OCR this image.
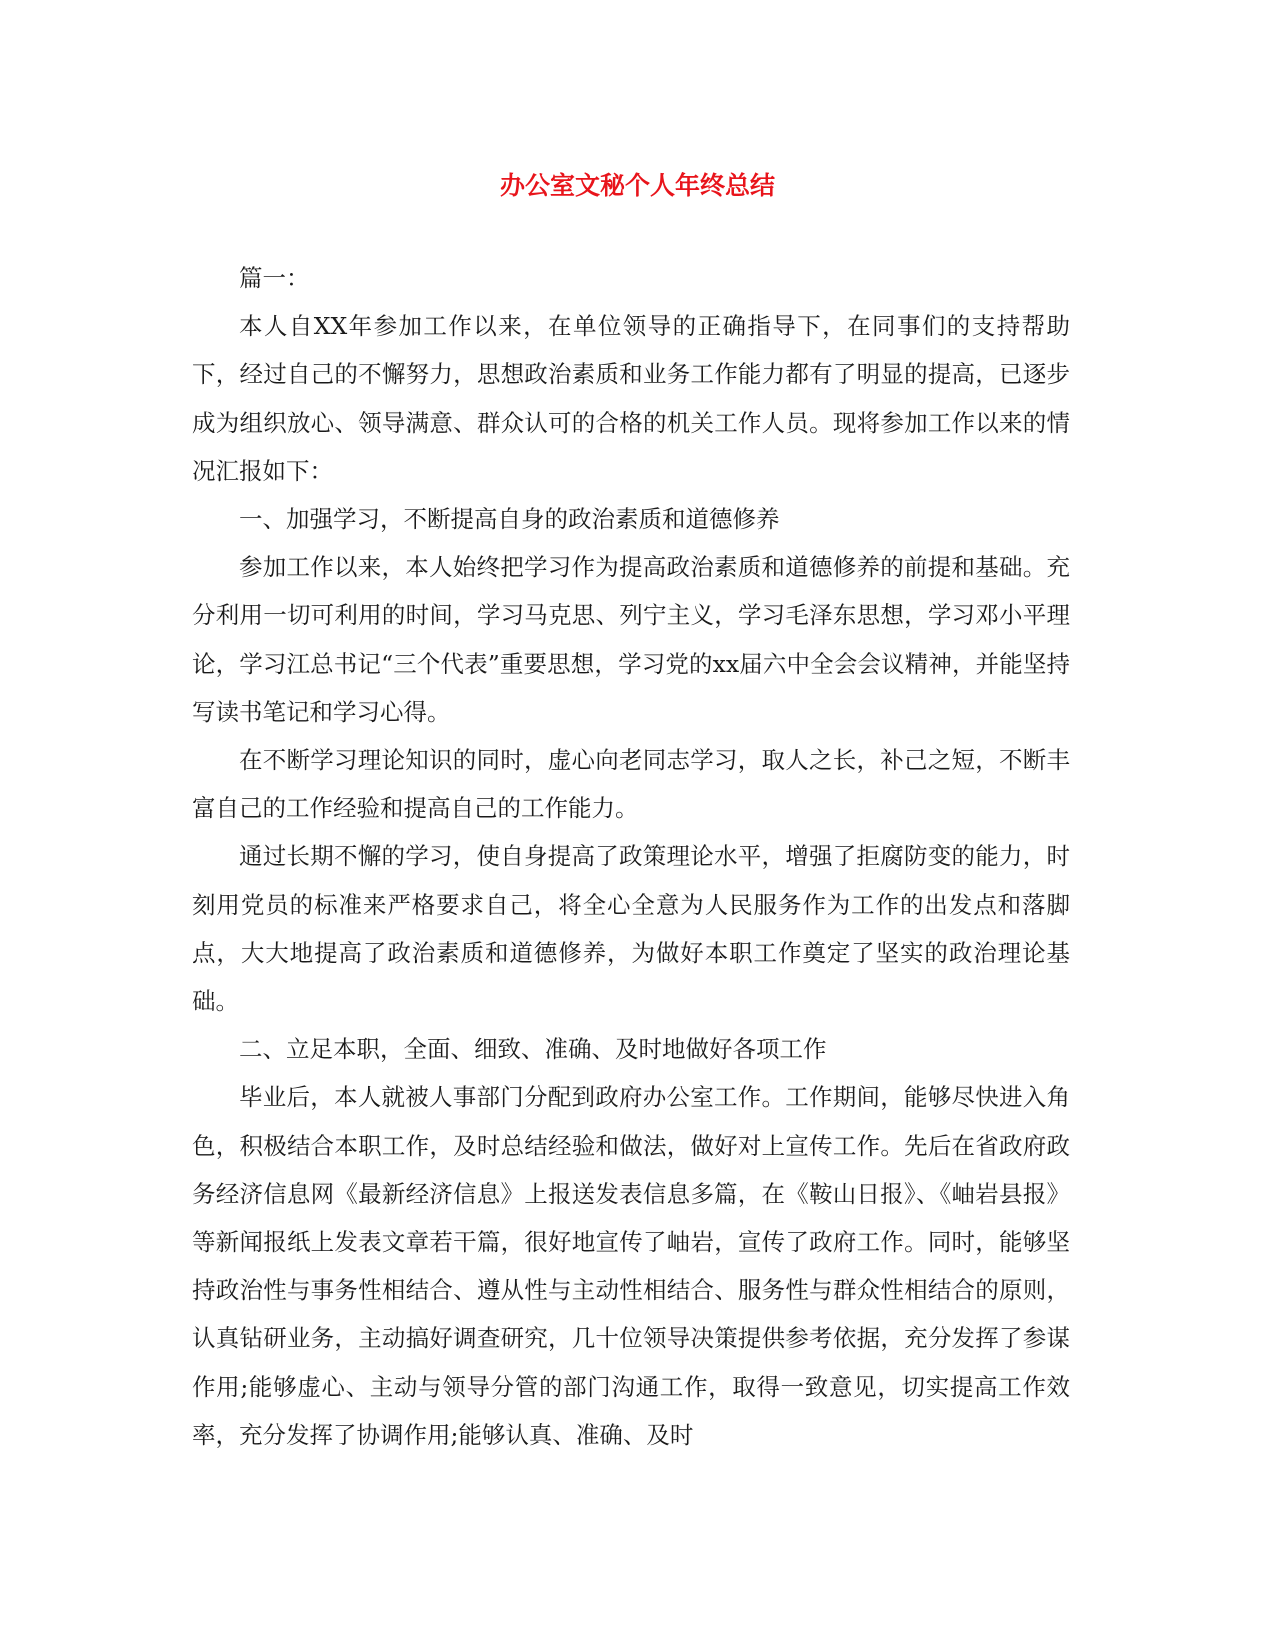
办公室文秘个人年终总结

篇一：

本人自XX年参加工作以来，在单位领导的正确指导下，在同事们的支持帮助下，经过自己的不懈努力，思想政治素质和业务工作能力都有了明显的提高，已逐步成为组织放心、领导满意、群众认可的合格的机关工作人员。现将参加工作以来的情况汇报如下：

一、加强学习，不断提高自身的政治素质和道德修养

参加工作以来，本人始终把学习作为提高政治素质和道德修养的前提和基础。充分利用一切可利用的时间，学习马克思、列宁主义，学习毛泽东思想，学习邓小平理论，学习江总书记“三个代表”重要思想，学习党的xx届六中全会会议精神，并能坚持写读书笔记和学习心得。

在不断学习理论知识的同时，虚心向老同志学习，取人之长，补己之短，不断丰富自己的工作经验和提高自己的工作能力。

通过长期不懈的学习，使自身提高了政策理论水平，增强了拒腐防变的能力，时刻用党员的标准来严格要求自己，将全心全意为人民服务作为工作的出发点和落脚点，大大地提高了政治素质和道德修养，为做好本职工作奠定了坚实的政治理论基础。

二、立足本职，全面、细致、准确、及时地做好各项工作

毕业后，本人就被人事部门分配到政府办公室工作。工作期间，能够尽快进入角色，积极结合本职工作，及时总结经验和做法，做好对上宣传工作。先后在省政府政务经济信息网《最新经济信息》上报送发表信息多篇，在《鞍山日报》、《岫岩县报》等新闻报纸上发表文章若干篇，很好地宣传了岫岩，宣传了政府工作。同时，能够坚持政治性与事务性相结合、遵从性与主动性相结合、服务性与群众性相结合的原则，认真钻研业务，主动搞好调查研究，几十位领导决策提供参考依据，充分发挥了参谋作用;能够虚心、主动与领导分管的部门沟通工作，取得一致意见，切实提高工作效率，充分发挥了协调作用;能够认真、准确、及时
